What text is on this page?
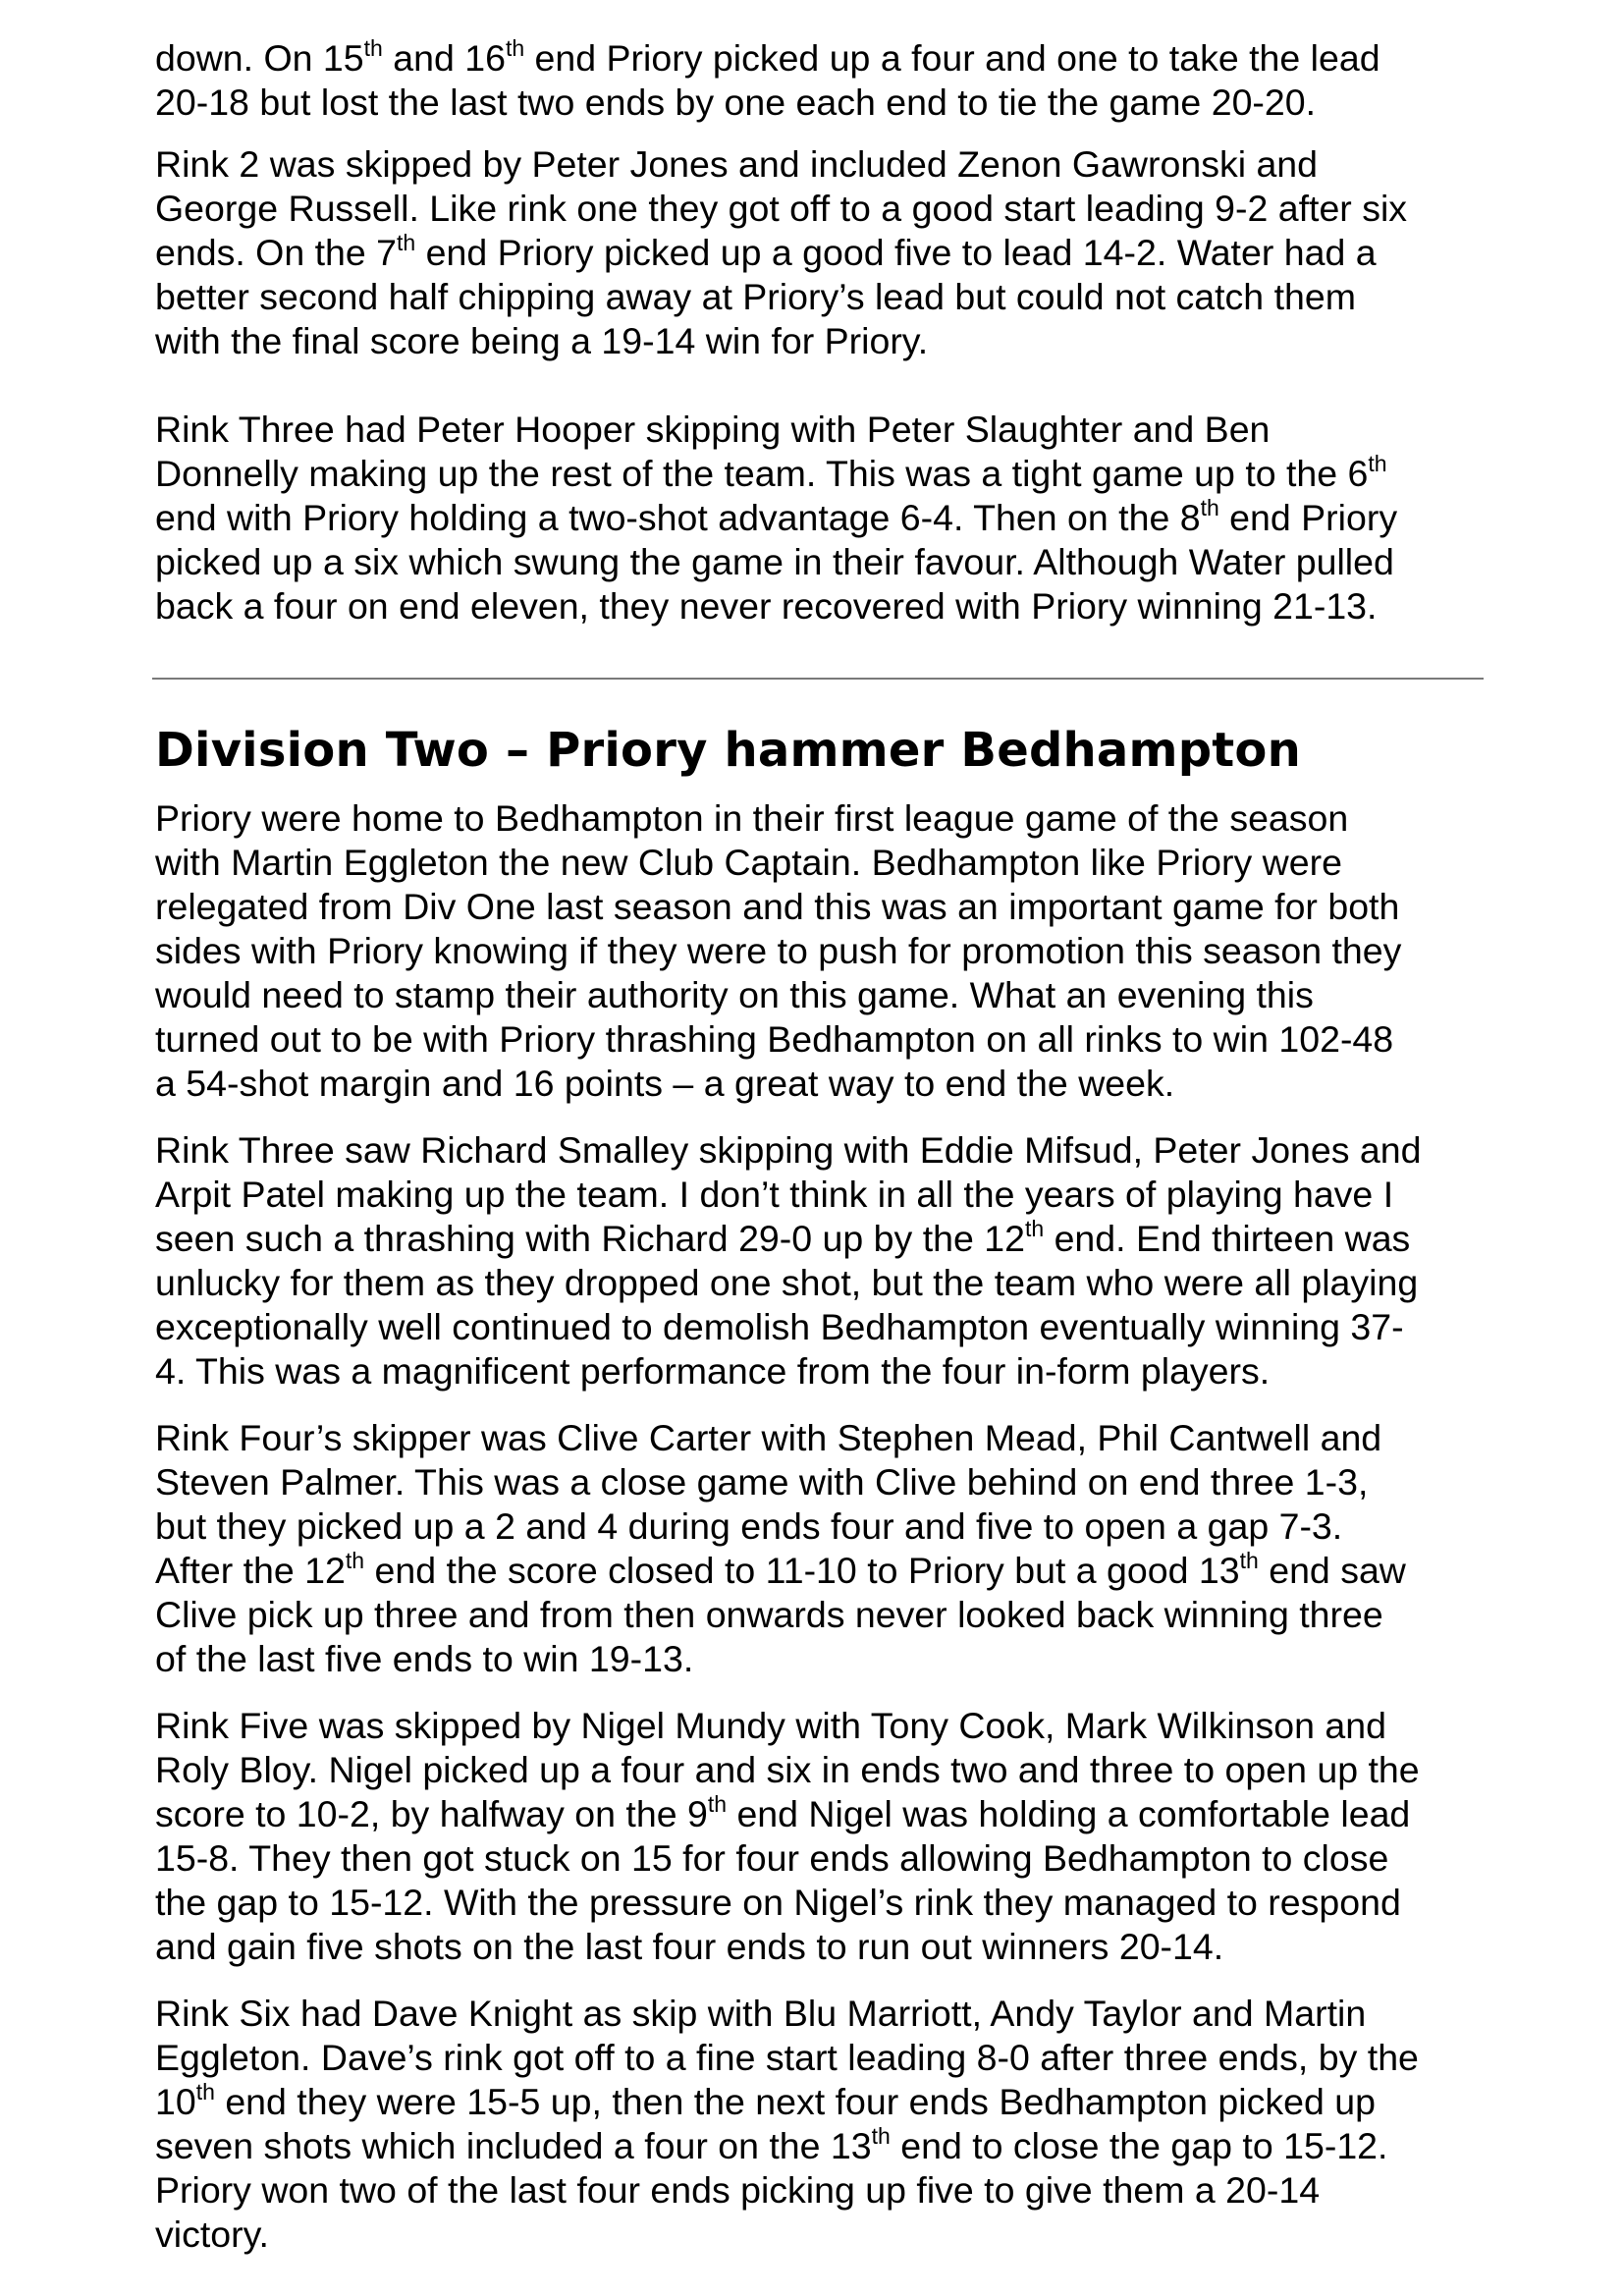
down. On 15th and 16th end Priory picked up a four and one to take the lead
20-18 but lost the last two ends by one each end to tie the game 20-20.
Rink 2 was skipped by Peter Jones and included Zenon Gawronski and
George Russell. Like rink one they got off to a good start leading 9-2 after six
ends. On the 7th end Priory picked up a good five to lead 14-2. Water had a
better second half chipping away at Priory’s lead but could not catch them
with the final score being a 19-14 win for Priory.
Rink Three had Peter Hooper skipping with Peter Slaughter and Ben
Donnelly making up the rest of the team. This was a tight game up to the 6th
end with Priory holding a two-shot advantage 6-4. Then on the 8th end Priory
picked up a six which swung the game in their favour. Although Water pulled
back a four on end eleven, they never recovered with Priory winning 21-13.
Division Two – Priory hammer Bedhampton
Priory were home to Bedhampton in their first league game of the season
with Martin Eggleton the new Club Captain. Bedhampton like Priory were
relegated from Div One last season and this was an important game for both
sides with Priory knowing if they were to push for promotion this season they
would need to stamp their authority on this game. What an evening this
turned out to be with Priory thrashing Bedhampton on all rinks to win 102-48
a 54-shot margin and 16 points – a great way to end the week.
Rink Three saw Richard Smalley skipping with Eddie Mifsud, Peter Jones and
Arpit Patel making up the team. I don’t think in all the years of playing have I
seen such a thrashing with Richard 29-0 up by the 12th end. End thirteen was
unlucky for them as they dropped one shot, but the team who were all playing
exceptionally well continued to demolish Bedhampton eventually winning 37-
4. This was a magnificent performance from the four in-form players.
Rink Four’s skipper was Clive Carter with Stephen Mead, Phil Cantwell and
Steven Palmer. This was a close game with Clive behind on end three 1-3,
but they picked up a 2 and 4 during ends four and five to open a gap 7-3.
After the 12th end the score closed to 11-10 to Priory but a good 13th end saw
Clive pick up three and from then onwards never looked back winning three
of the last five ends to win 19-13.
Rink Five was skipped by Nigel Mundy with Tony Cook, Mark Wilkinson and
Roly Bloy. Nigel picked up a four and six in ends two and three to open up the
score to 10-2, by halfway on the 9th end Nigel was holding a comfortable lead
15-8. They then got stuck on 15 for four ends allowing Bedhampton to close
the gap to 15-12. With the pressure on Nigel’s rink they managed to respond
and gain five shots on the last four ends to run out winners 20-14.
Rink Six had Dave Knight as skip with Blu Marriott, Andy Taylor and Martin
Eggleton. Dave’s rink got off to a fine start leading 8-0 after three ends, by the
10th end they were 15-5 up, then the next four ends Bedhampton picked up
seven shots which included a four on the 13th end to close the gap to 15-12.
Priory won two of the last four ends picking up five to give them a 20-14
victory.
